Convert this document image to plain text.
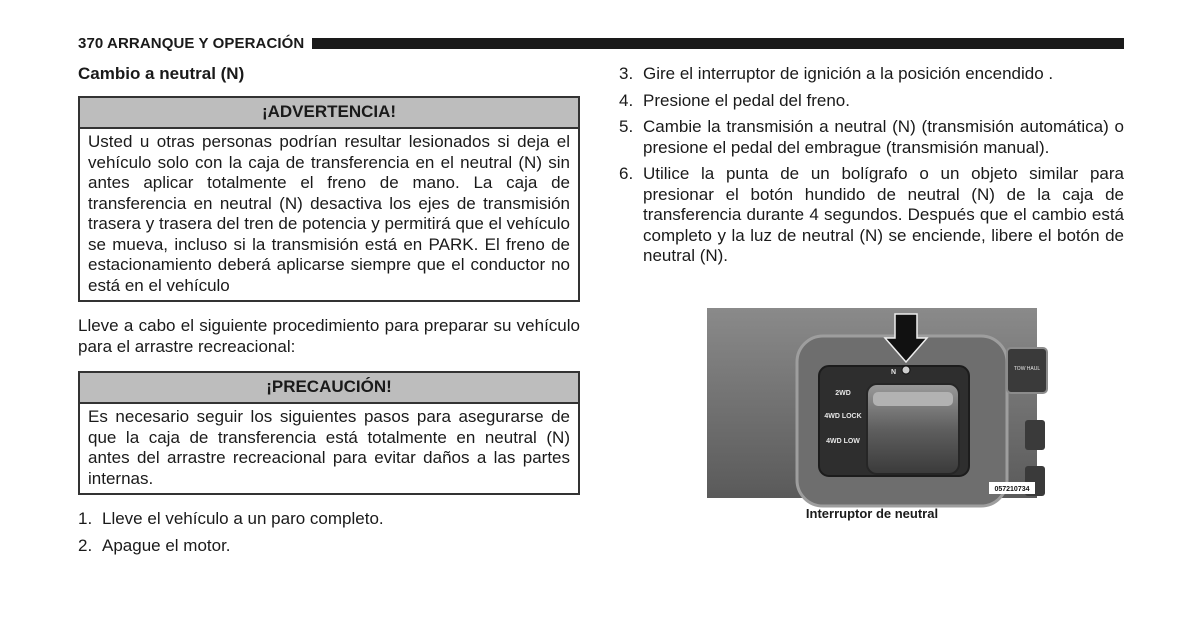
370 ARRANQUE Y OPERACIÓN
Cambio a neutral (N)
¡ADVERTENCIA!
Usted u otras personas podrían resultar lesionados si deja el vehículo solo con la caja de transferencia en el neutral (N) sin antes aplicar totalmente el freno de mano. La caja de transferencia en neutral (N) desactiva los ejes de transmisión trasera y trasera del tren de potencia y permitirá que el vehículo se mueva, incluso si la transmisión está en PARK. El freno de estacionamiento deberá aplicarse siempre que el conductor no está en el vehículo

Lleve a cabo el siguiente procedimiento para preparar su vehículo para el arrastre recreacional:

¡PRECAUCIÓN!
Es necesario seguir los siguientes pasos para asegurarse de que la caja de transferencia está totalmente en neutral (N) antes del arrastre recreacional para evitar daños a las partes internas.
1. Lleve el vehículo a un paro completo.
2. Apague el motor.
3. Gire el interruptor de ignición a la posición encendido .
4. Presione el pedal del freno.
5. Cambie la transmisión a neutral (N) (transmisión automática) o presione el pedal del embrague (transmisión manual).
6. Utilice la punta de un bolígrafo o un objeto similar para presionar el botón hundido de neutral (N) de la caja de transferencia durante 4 segundos. Después que el cambio está completo y la luz de neutral (N) se enciende, libere el botón de neutral (N).
N
2WD
4WD LOCK
4WD LOW
TOW HAUL
057210734
Interruptor de neutral
